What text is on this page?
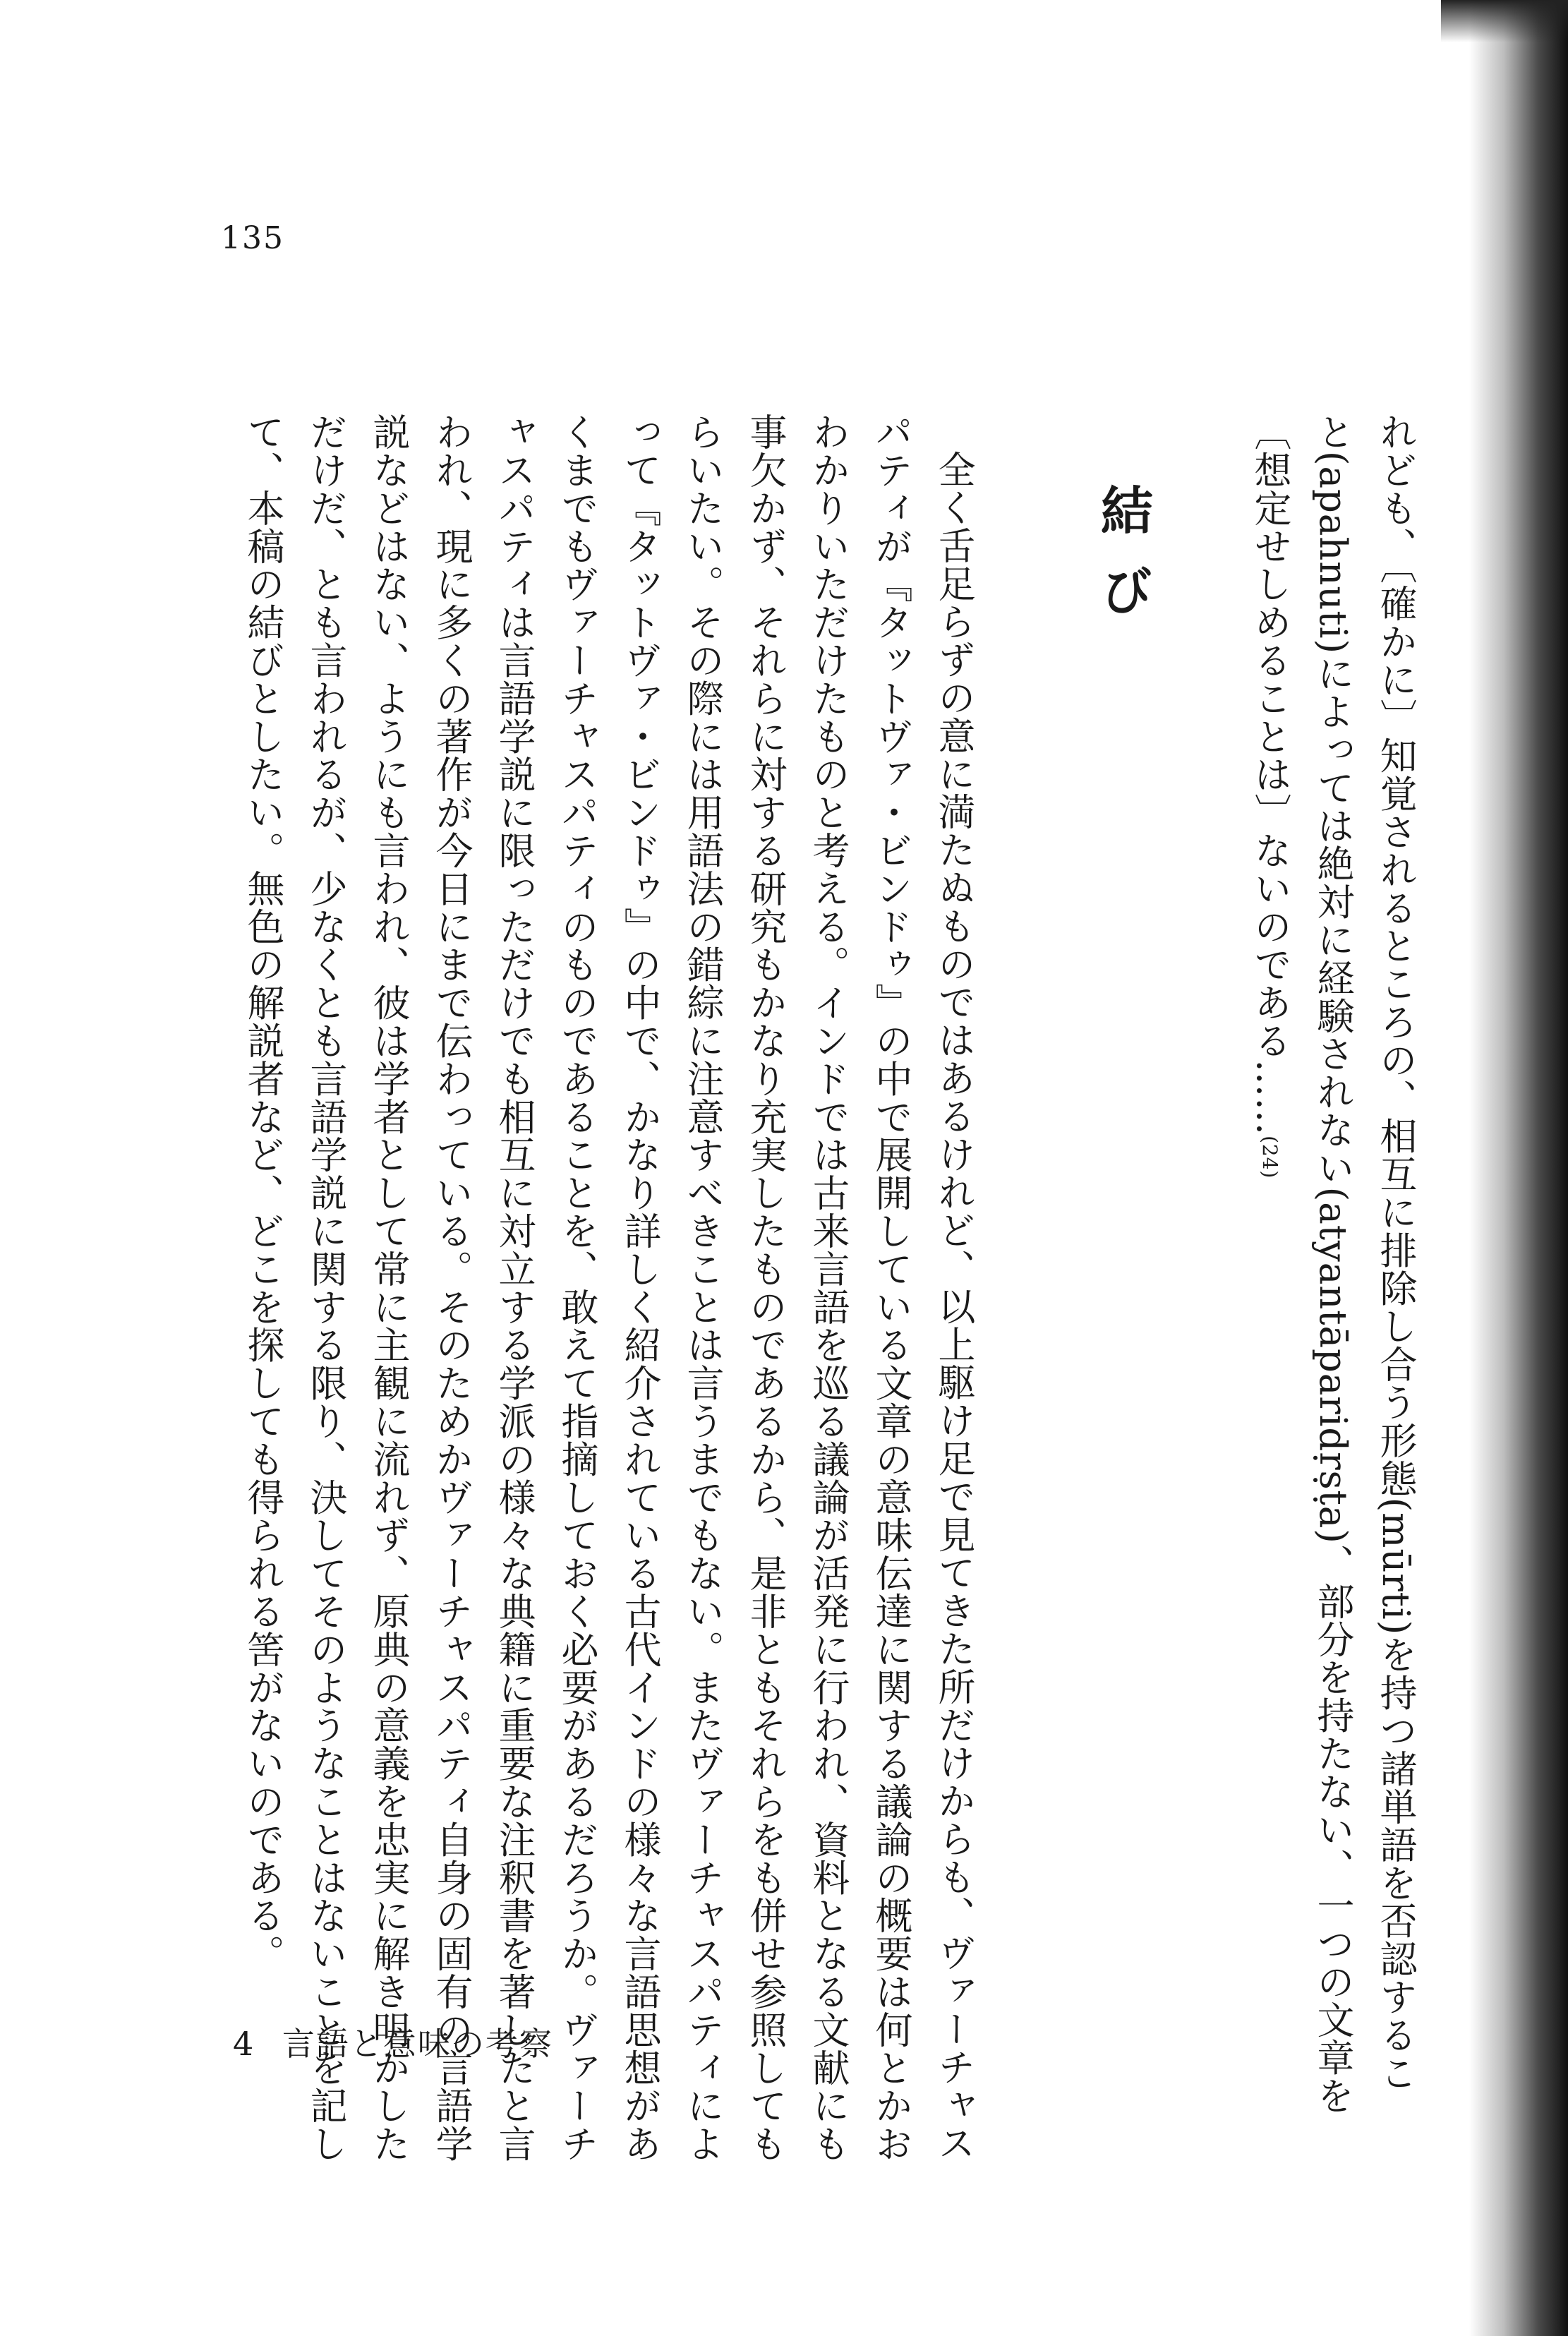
135
れども、〔確かに〕知覚されるところの、相互に排除し合う形態(mūrti)を持つ諸単語を否認するこ
と(apahnuti)によっては絶対に経験されない(atyantāparidṛṣṭa)、部分を持たない、一つの文章を
〔想定せしめることは〕ないのである……(24)
結び
全く舌足らずの意に満たぬものではあるけれど、以上駆け足で見てきた所だけからも、ヴァーチャス
パティが『タットヴァ・ビンドゥ』の中で展開している文章の意味伝達に関する議論の概要は何とかお
わかりいただけたものと考える。インドでは古来言語を巡る議論が活発に行われ、資料となる文献にも
事欠かず、それらに対する研究もかなり充実したものであるから、是非ともそれらをも併せ参照しても
らいたい。その際には用語法の錯綜に注意すべきことは言うまでもない。またヴァーチャスパティによ
って『タットヴァ・ビンドゥ』の中で、かなり詳しく紹介されている古代インドの様々な言語思想があ
くまでもヴァーチャスパティのものであることを、敢えて指摘しておく必要があるだろうか。ヴァーチ
ャスパティは言語学説に限っただけでも相互に対立する学派の様々な典籍に重要な注釈書を著したと言
われ、現に多くの著作が今日にまで伝わっている。そのためかヴァーチャスパティ自身の固有の言語学
説などはない、ようにも言われ、彼は学者として常に主観に流れず、原典の意義を忠実に解き明かした
だけだ、とも言われるが、少なくとも言語学説に関する限り、決してそのようなことはないことを記し
て、本稿の結びとしたい。無色の解説者など、どこを探しても得られる筈がないのである。
4 言語と意味の考察
